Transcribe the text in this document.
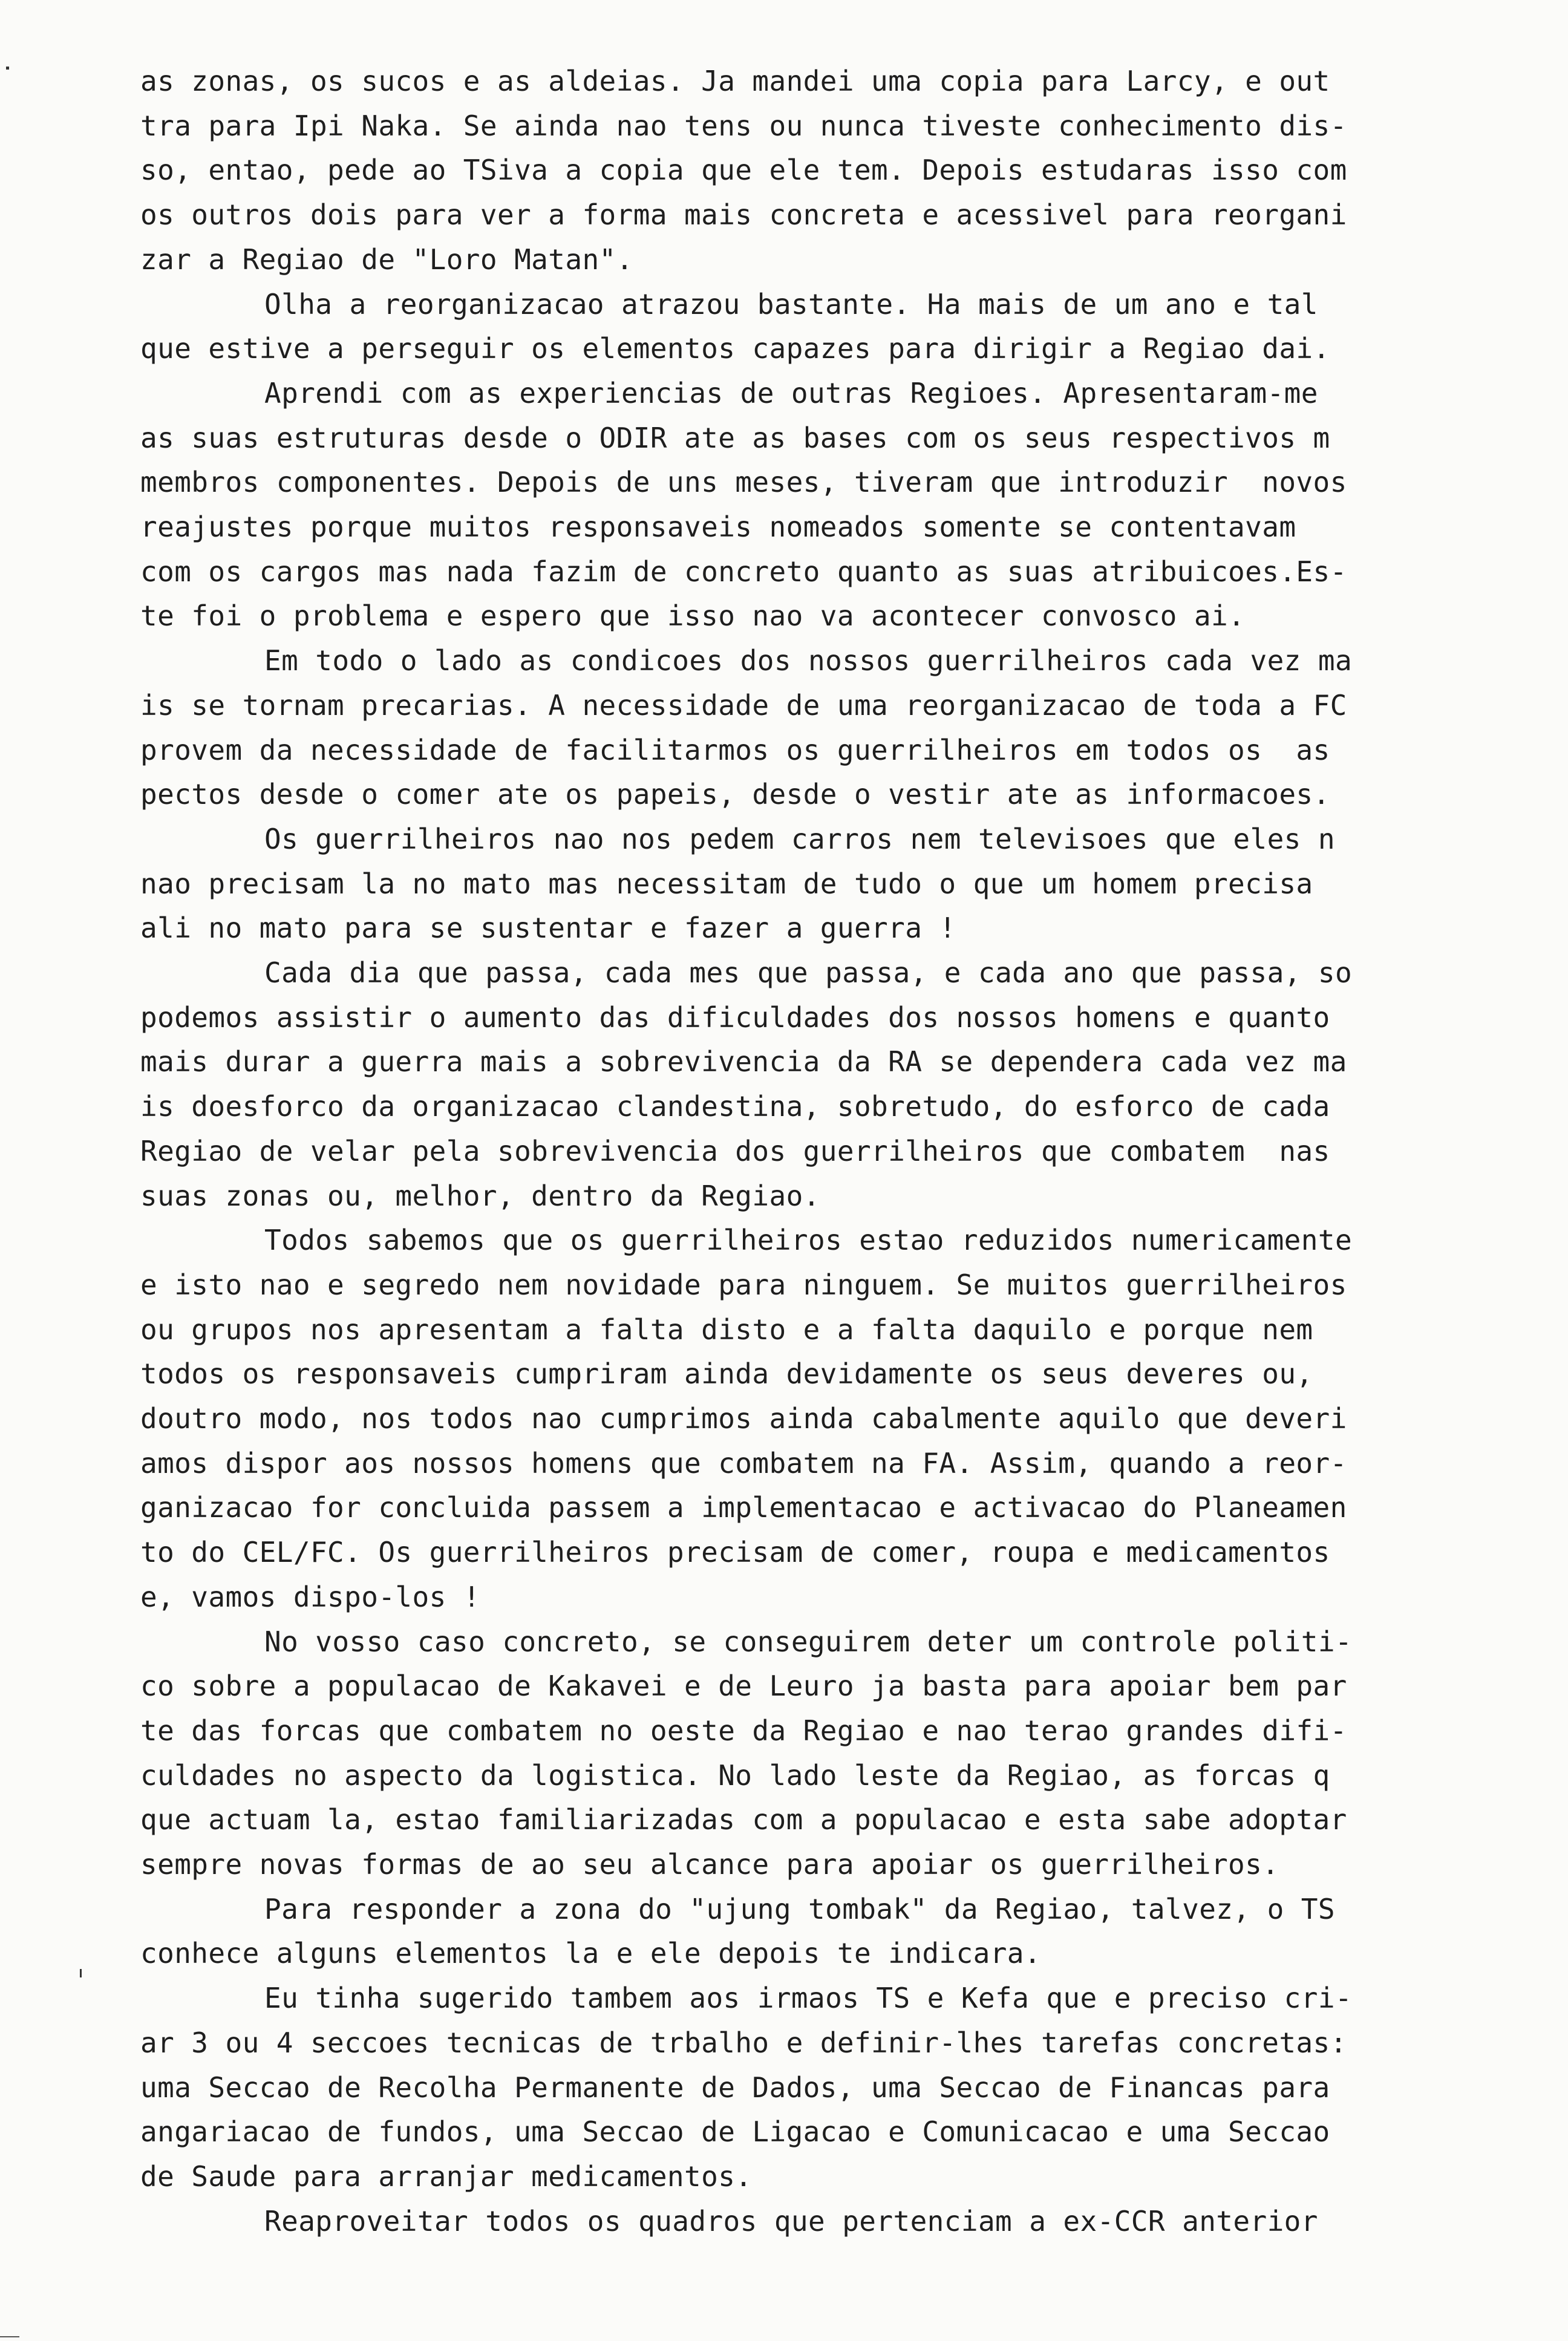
as zonas, os sucos e as aldeias. Ja mandei uma copia para Larcy, e out
tra para Ipi Naka. Se ainda nao tens ou nunca tiveste conhecimento dis-
so, entao, pede ao TSiva a copia que ele tem. Depois estudaras isso com
os outros dois para ver a forma mais concreta e acessivel para reorgani
zar a Regiao de "Loro Matan".
Olha a reorganizacao atrazou bastante. Ha mais de um ano e tal
que estive a perseguir os elementos capazes para dirigir a Regiao dai.
Aprendi com as experiencias de outras Regioes. Apresentaram-me
as suas estruturas desde o ODIR ate as bases com os seus respectivos m
membros componentes. Depois de uns meses, tiveram que introduzir  novos
reajustes porque muitos responsaveis nomeados somente se contentavam
com os cargos mas nada fazim de concreto quanto as suas atribuicoes.Es-
te foi o problema e espero que isso nao va acontecer convosco ai.
Em todo o lado as condicoes dos nossos guerrilheiros cada vez ma
is se tornam precarias. A necessidade de uma reorganizacao de toda a FC
provem da necessidade de facilitarmos os guerrilheiros em todos os  as
pectos desde o comer ate os papeis, desde o vestir ate as informacoes.
Os guerrilheiros nao nos pedem carros nem televisoes que eles n
nao precisam la no mato mas necessitam de tudo o que um homem precisa
ali no mato para se sustentar e fazer a guerra !
Cada dia que passa, cada mes que passa, e cada ano que passa, so
podemos assistir o aumento das dificuldades dos nossos homens e quanto
mais durar a guerra mais a sobrevivencia da RA se dependera cada vez ma
is doesforco da organizacao clandestina, sobretudo, do esforco de cada
Regiao de velar pela sobrevivencia dos guerrilheiros que combatem  nas
suas zonas ou, melhor, dentro da Regiao.
Todos sabemos que os guerrilheiros estao reduzidos numericamente
e isto nao e segredo nem novidade para ninguem. Se muitos guerrilheiros
ou grupos nos apresentam a falta disto e a falta daquilo e porque nem
todos os responsaveis cumpriram ainda devidamente os seus deveres ou,
doutro modo, nos todos nao cumprimos ainda cabalmente aquilo que deveri
amos dispor aos nossos homens que combatem na FA. Assim, quando a reor-
ganizacao for concluida passem a implementacao e activacao do Planeamen
to do CEL/FC. Os guerrilheiros precisam de comer, roupa e medicamentos
e, vamos dispo-los !
No vosso caso concreto, se conseguirem deter um controle politi-
co sobre a populacao de Kakavei e de Leuro ja basta para apoiar bem par
te das forcas que combatem no oeste da Regiao e nao terao grandes difi-
culdades no aspecto da logistica. No lado leste da Regiao, as forcas q
que actuam la, estao familiarizadas com a populacao e esta sabe adoptar
sempre novas formas de ao seu alcance para apoiar os guerrilheiros.
Para responder a zona do "ujung tombak" da Regiao, talvez, o TS
conhece alguns elementos la e ele depois te indicara.
Eu tinha sugerido tambem aos irmaos TS e Kefa que e preciso cri-
ar 3 ou 4 seccoes tecnicas de trbalho e definir-lhes tarefas concretas:
uma Seccao de Recolha Permanente de Dados, uma Seccao de Financas para
angariacao de fundos, uma Seccao de Ligacao e Comunicacao e uma Seccao
de Saude para arranjar medicamentos.
Reaproveitar todos os quadros que pertenciam a ex-CCR anterior
